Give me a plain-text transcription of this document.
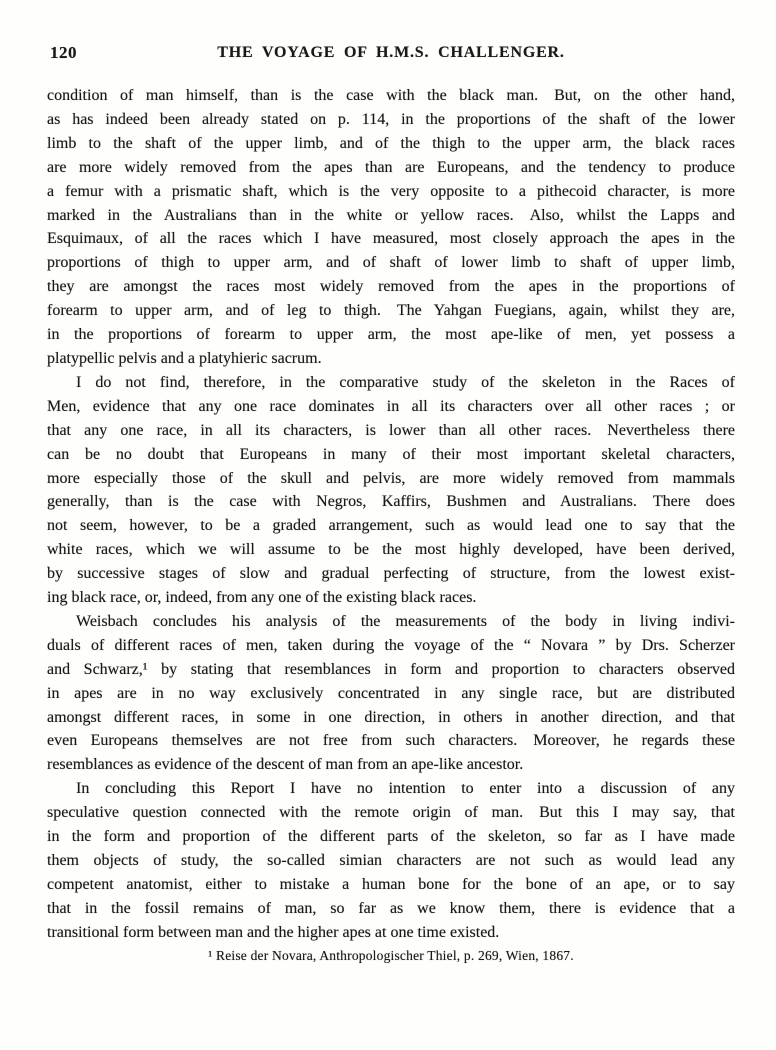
120	THE VOYAGE OF H.M.S. CHALLENGER.
condition of man himself, than is the case with the black man. But, on the other hand,
as has indeed been already stated on p. 114, in the proportions of the shaft of the lower
limb to the shaft of the upper limb, and of the thigh to the upper arm, the black races
are more widely removed from the apes than are Europeans, and the tendency to produce
a femur with a prismatic shaft, which is the very opposite to a pithecoid character, is more
marked in the Australians than in the white or yellow races. Also, whilst the Lapps and
Esquimaux, of all the races which I have measured, most closely approach the apes in the
proportions of thigh to upper arm, and of shaft of lower limb to shaft of upper limb,
they are amongst the races most widely removed from the apes in the proportions of
forearm to upper arm, and of leg to thigh. The Yahgan Fuegians, again, whilst they are,
in the proportions of forearm to upper arm, the most ape-like of men, yet possess a
platypellic pelvis and a platyhieric sacrum.
I do not find, therefore, in the comparative study of the skeleton in the Races of
Men, evidence that any one race dominates in all its characters over all other races ; or
that any one race, in all its characters, is lower than all other races. Nevertheless there
can be no doubt that Europeans in many of their most important skeletal characters,
more especially those of the skull and pelvis, are more widely removed from mammals
generally, than is the case with Negros, Kaffirs, Bushmen and Australians. There does
not seem, however, to be a graded arrangement, such as would lead one to say that the
white races, which we will assume to be the most highly developed, have been derived,
by successive stages of slow and gradual perfecting of structure, from the lowest exist-
ing black race, or, indeed, from any one of the existing black races.
Weisbach concludes his analysis of the measurements of the body in living indivi-
duals of different races of men, taken during the voyage of the “ Novara ” by Drs. Scherzer
and Schwarz,¹ by stating that resemblances in form and proportion to characters observed
in apes are in no way exclusively concentrated in any single race, but are distributed
amongst different races, in some in one direction, in others in another direction, and that
even Europeans themselves are not free from such characters. Moreover, he regards these
resemblances as evidence of the descent of man from an ape-like ancestor.
In concluding this Report I have no intention to enter into a discussion of any
speculative question connected with the remote origin of man. But this I may say, that
in the form and proportion of the different parts of the skeleton, so far as I have made
them objects of study, the so-called simian characters are not such as would lead any
competent anatomist, either to mistake a human bone for the bone of an ape, or to say
that in the fossil remains of man, so far as we know them, there is evidence that a
transitional form between man and the higher apes at one time existed.
¹ Reise der Novara, Anthropologischer Thiel, p. 269, Wien, 1867.
